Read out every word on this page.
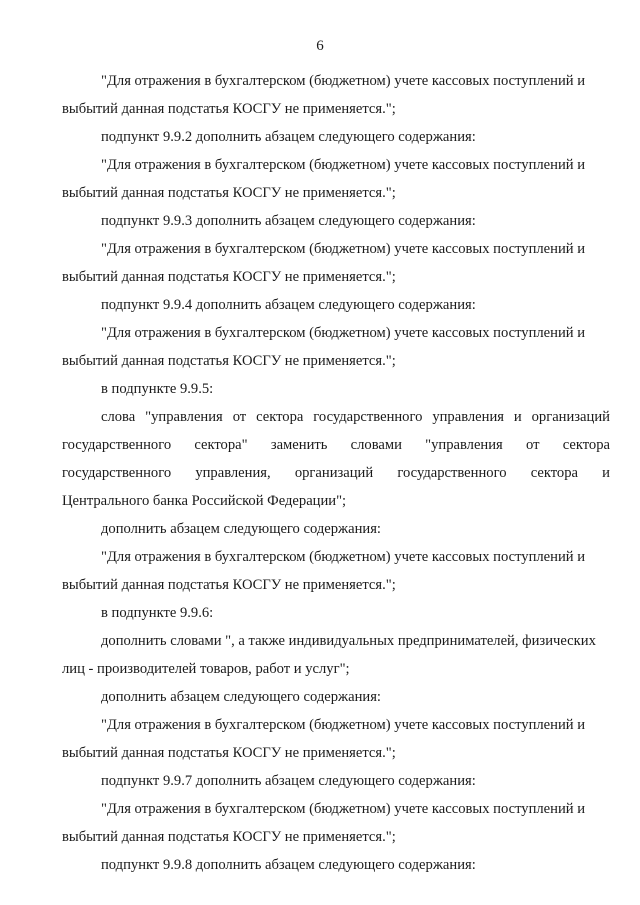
6
"Для отражения в бухгалтерском (бюджетном) учете кассовых поступлений и
выбытий данная подстатья КОСГУ не применяется.";
подпункт 9.9.2 дополнить абзацем следующего содержания:
"Для отражения в бухгалтерском (бюджетном) учете кассовых поступлений и
выбытий данная подстатья КОСГУ не применяется.";
подпункт 9.9.3 дополнить абзацем следующего содержания:
"Для отражения в бухгалтерском (бюджетном) учете кассовых поступлений и
выбытий данная подстатья КОСГУ не применяется.";
подпункт 9.9.4 дополнить абзацем следующего содержания:
"Для отражения в бухгалтерском (бюджетном) учете кассовых поступлений и
выбытий данная подстатья КОСГУ не применяется.";
в подпункте 9.9.5:
слова "управления от сектора государственного управления и организаций
государственного сектора" заменить словами "управления от сектора
государственного управления, организаций государственного сектора и
Центрального банка Российской Федерации";
дополнить абзацем следующего содержания:
"Для отражения в бухгалтерском (бюджетном) учете кассовых поступлений и
выбытий данная подстатья КОСГУ не применяется.";
в подпункте 9.9.6:
дополнить словами ", а также индивидуальных предпринимателей, физических
лиц - производителей товаров, работ и услуг";
дополнить абзацем следующего содержания:
"Для отражения в бухгалтерском (бюджетном) учете кассовых поступлений и
выбытий данная подстатья КОСГУ не применяется.";
подпункт 9.9.7 дополнить абзацем следующего содержания:
"Для отражения в бухгалтерском (бюджетном) учете кассовых поступлений и
выбытий данная подстатья КОСГУ не применяется.";
подпункт 9.9.8 дополнить абзацем следующего содержания:
